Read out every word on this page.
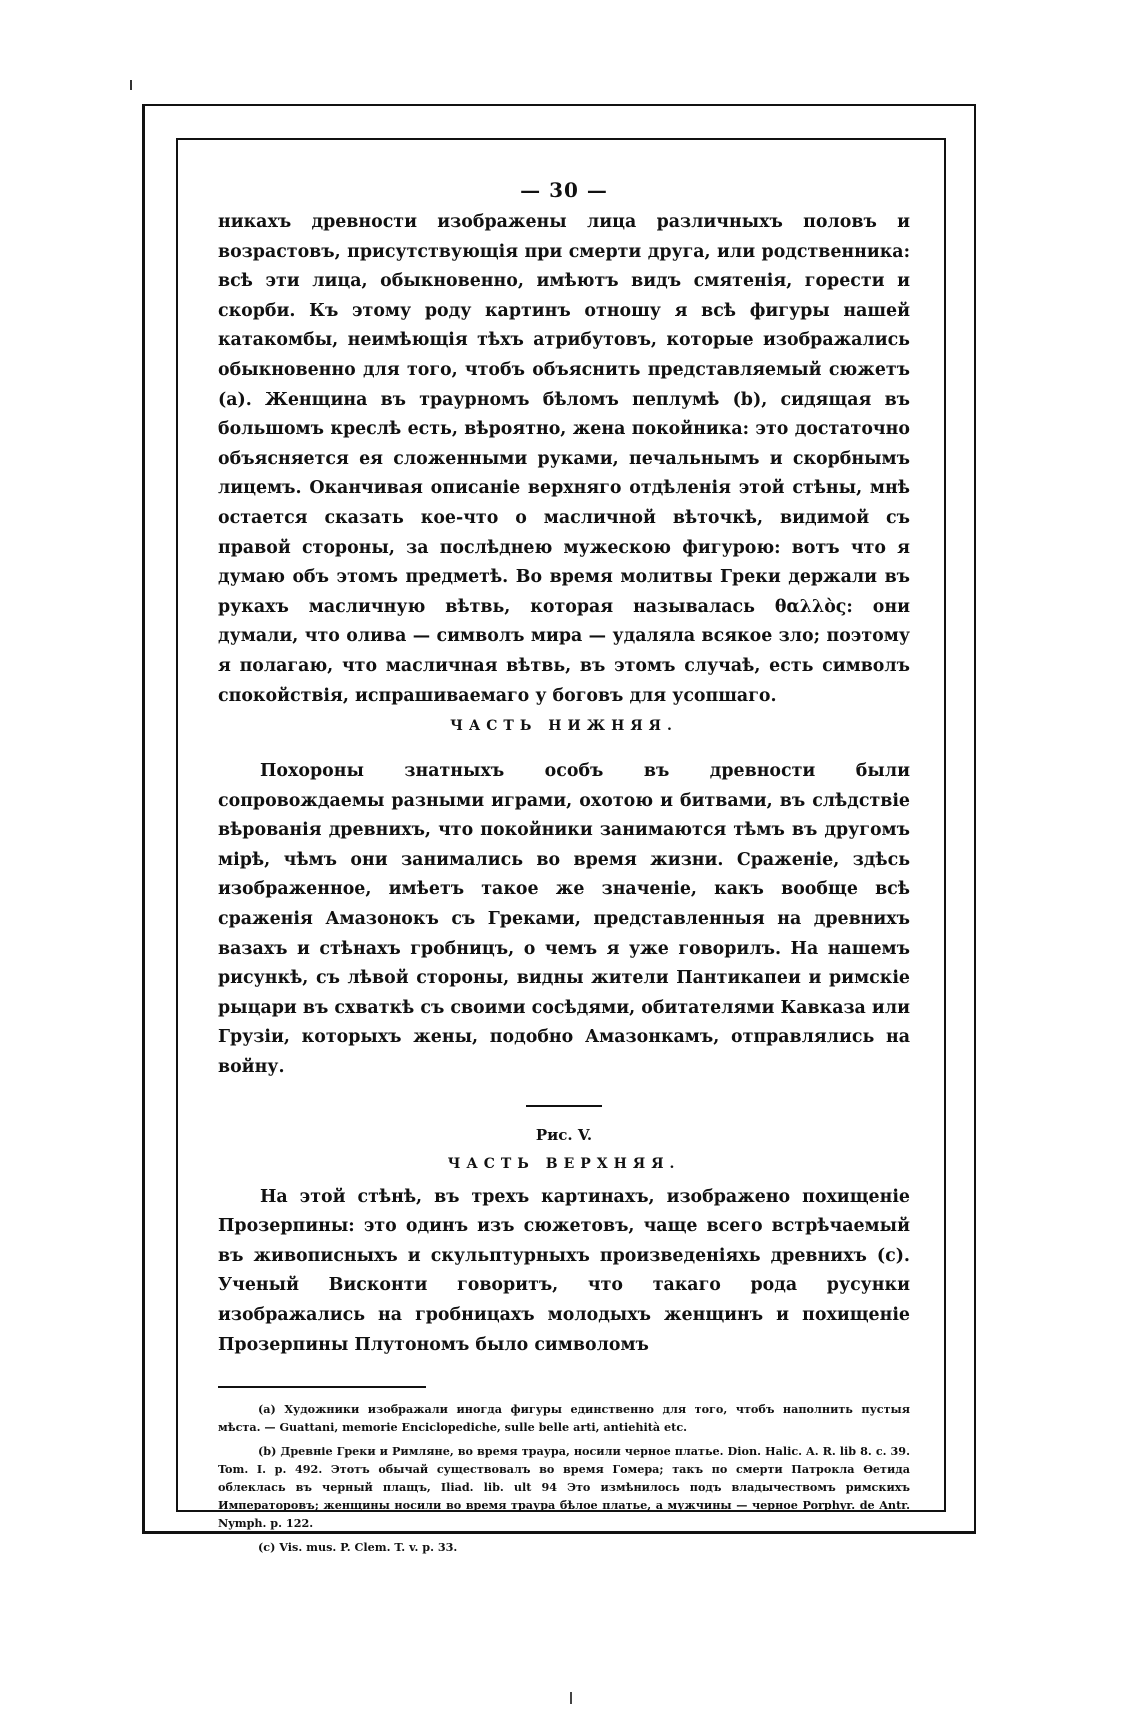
— 30 —

никахъ древности изображены лица различныхъ половъ и возрастовъ, присутствующія при смерти друга, или родственника: всѣ эти лица, обыкновенно, имѣютъ видъ смятенія, горести и скорби. Къ этому роду картинъ отношу я всѣ фигуры нашей катакомбы, неимѣющія тѣхъ атрибутовъ, которые изображались обыкновенно для того, чтобъ объяснить представляемый сюжетъ (a). Женщина въ траурномъ бѣломъ пеплумѣ (b), сидящая въ большомъ креслѣ есть, вѣроятно, жена покойника: это достаточно объясняется ея сложенными руками, печальнымъ и скорбнымъ лицемъ. Оканчивая описаніе верхняго отдѣленія этой стѣны, мнѣ остается сказать кое-что о масличной вѣточкѣ, видимой съ правой стороны, за послѣднею мужескою фигурою: вотъ что я думаю объ этомъ предметѣ. Во время молитвы Греки держали въ рукахъ масличную вѣтвь, которая называлась θαλλὸς: они думали, что олива — символъ мира — удаляла всякое зло; поэтому я полагаю, что масличная вѣтвь, въ этомъ случаѣ, есть символъ спокойствія, испрашиваемаго у боговъ для усопшаго.

ЧАСТЬ НИЖНЯЯ.

Похороны знатныхъ особъ въ древности были сопровождаемы разными играми, охотою и битвами, въ слѣдствіе вѣрованія древнихъ, что покойники занимаются тѣмъ въ другомъ мірѣ, чѣмъ они занимались во время жизни. Сраженіе, здѣсь изображенное, имѣетъ такое же значеніе, какъ вообще всѣ сраженія Амазонокъ съ Греками, представленныя на древнихъ вазахъ и стѣнахъ гробницъ, о чемъ я уже говорилъ. На нашемъ рисункѣ, съ лѣвой стороны, видны жители Пантикапеи и римскіе рыцари въ схваткѣ съ своими сосѣдями, обитателями Кавказа или Грузіи, которыхъ жены, подобно Амазонкамъ, отправлялись на войну.

Рис. V.

ЧАСТЬ ВЕРХНЯЯ.

На этой стѣнѣ, въ трехъ картинахъ, изображено похищеніе Прозерпины: это одинъ изъ сюжетовъ, чаще всего встрѣчаемый въ живописныхъ и скульптурныхъ произведеніяхь древнихъ (c). Ученый Висконти говоритъ, что такаго рода русунки изображались на гробницахъ молодыхъ женщинъ и похищеніе Прозерпины Плутономъ было символомъ

(a) Художники изображали иногда фигуры единственно для того, чтобъ наполнить пустыя мѣста. — Guattani, memorie Enciclopediche, sulle belle arti, antiehità etc.

(b) Древніе Греки и Римляне, во время траура, носили черное платье. Dion. Halic. A. R. lib 8. c. 39. Tom. I. p. 492. Этотъ обычай существовалъ во время Гомера; такъ по смерти Патрокла Өетида облеклась въ черный плащъ, Iliad. lib. ult 94 Это измѣнилось подъ владычествомъ римскихъ Императоровъ; женщины носили во время траура бѣлое платье, а мужчины — черное Porphyr. de Antr. Nymph. p. 122.

(c) Vis. mus. P. Clem. T. v. p. 33.
